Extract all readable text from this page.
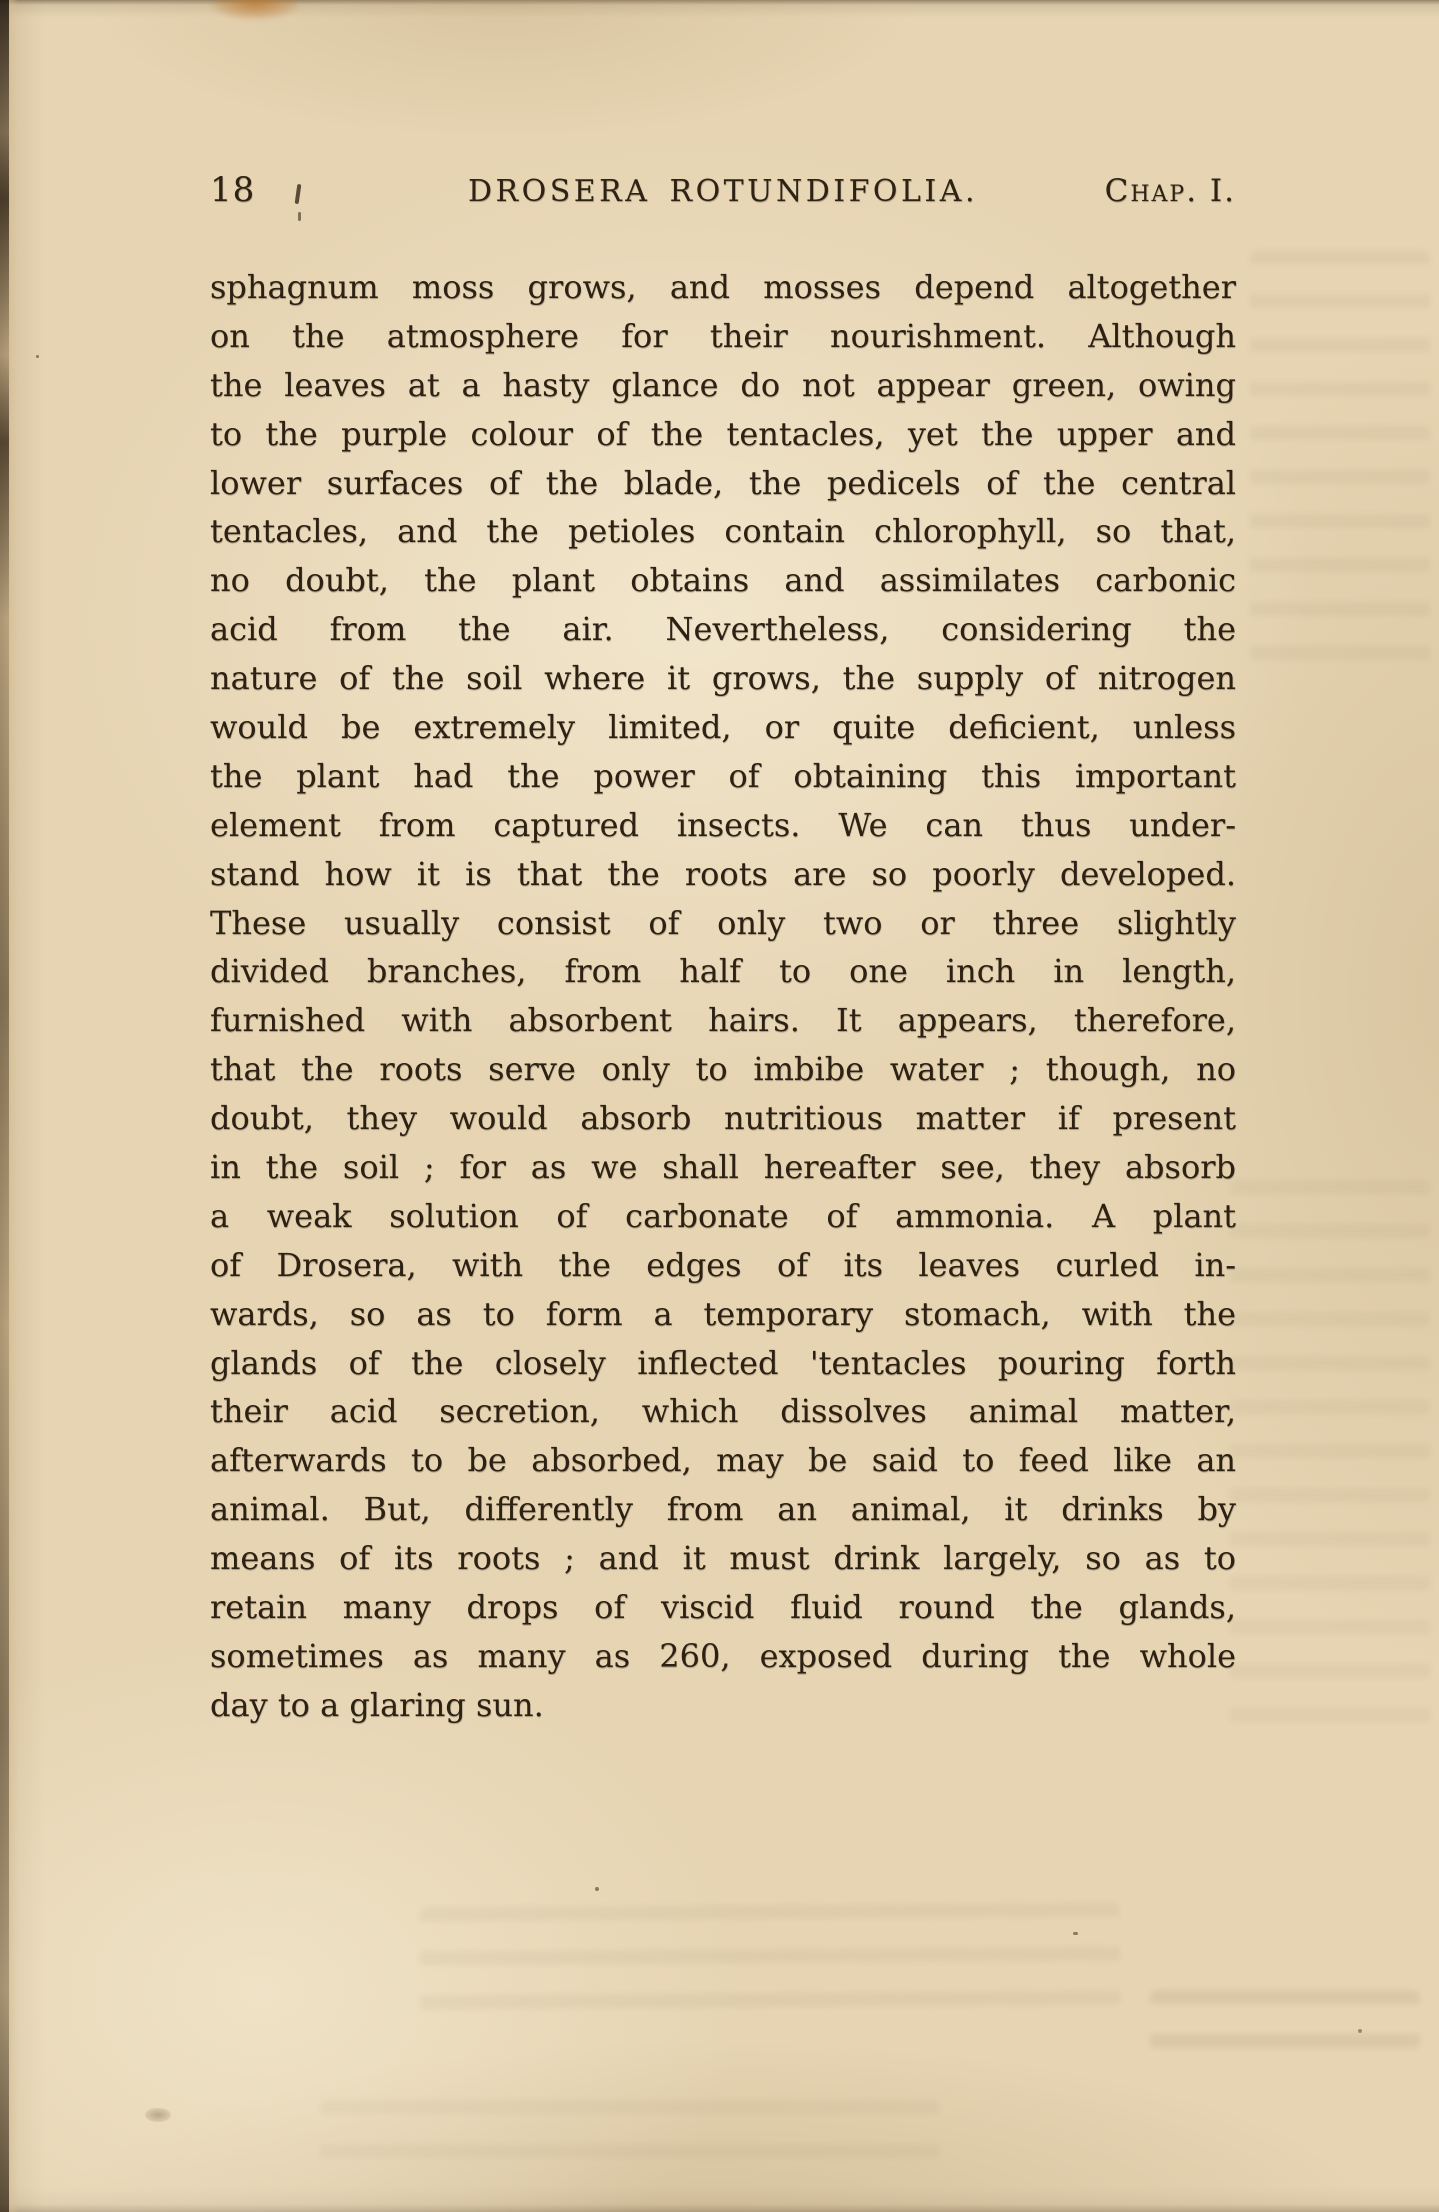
18	DROSERA ROTUNDIFOLIA.	Chap. I.
sphagnum moss grows, and mosses depend altogether
on the atmosphere for their nourishment. Although
the leaves at a hasty glance do not appear green, owing
to the purple colour of the tentacles, yet the upper and
lower surfaces of the blade, the pedicels of the central
tentacles, and the petioles contain chlorophyll, so that,
no doubt, the plant obtains and assimilates carbonic
acid from the air. Nevertheless, considering the
nature of the soil where it grows, the supply of nitrogen
would be extremely limited, or quite deficient, unless
the plant had the power of obtaining this important
element from captured insects. We can thus under-
stand how it is that the roots are so poorly developed.
These usually consist of only two or three slightly
divided branches, from half to one inch in length,
furnished with absorbent hairs. It appears, therefore,
that the roots serve only to imbibe water ; though, no
doubt, they would absorb nutritious matter if present
in the soil ; for as we shall hereafter see, they absorb
a weak solution of carbonate of ammonia. A plant
of Drosera, with the edges of its leaves curled in-
wards, so as to form a temporary stomach, with the
glands of the closely inflected 'tentacles pouring forth
their acid secretion, which dissolves animal matter,
afterwards to be absorbed, may be said to feed like an
animal. But, differently from an animal, it drinks by
means of its roots ; and it must drink largely, so as to
retain many drops of viscid fluid round the glands,
sometimes as many as 260, exposed during the whole
day to a glaring sun.
